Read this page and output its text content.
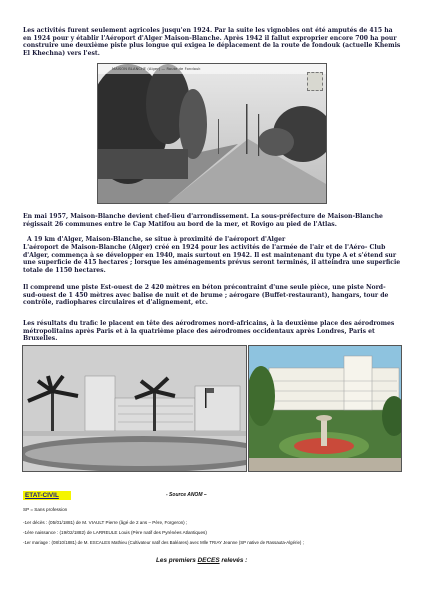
Les activités furent seulement agricoles jusqu'en 1924. Par la suite les vignobles ont été amputés de 415 ha en 1924 pour y établir l'Aéroport d'Alger Maison-Blanche. Après 1942 il fallut exproprier encore 700 ha pour construire une deuxième piste plus longue qui exigea le déplacement de la route de fondouk (actuelle Khemis El Khechna) vers l'est.

MAISON BLANCHE (Alger) — Route de Fondouk

En mai 1957, Maison-Blanche devient chef-lieu d'arrondissement. La sous-préfecture de Maison-Blanche régissait 26 communes entre le Cap Matifou au bord de la mer, et Rovigo au pied de l'Atlas.

A 19 km d'Alger, Maison-Blanche, se situe à proximité de l'aéroport d'Alger

L'aéroport de Maison-Blanche (Alger) créé en 1924 pour les activités de l'armée de l'air et de l'Aéro- Club d'Alger, commença à se développer en 1940, mais surtout en 1942. Il est maintenant du type A et s'étend sur une superficie de 415 hectares ; lorsque les aménagements prévus seront terminés, il atteindra une superficie totale de 1150 hectares.

Il comprend une piste Est-ouest de 2 420 mètres en béton précontraint d'une seule pièce, une piste Nord- sud-ouest de 1 450 mètres avec balise de nuit et de brume ; aérogare (Buffet-restaurant), hangars, tour de contrôle, radiophares circulaires et d'alignement, etc.

Les résultats du trafic le placent en tête des aérodromes nord-africains, à la deuxième place des aérodromes métropolitains après Paris et à la quatrième place des aérodromes occidentaux après Londres, Paris et Bruxelles.

ETAT-CIVIL	- Source ANOM –
SP = Sans profession
-1er décès : (05/01/1881) de M. VIAULT Pierre (âgé de 2 ans – Père, Forgeron) ;
-1ère naissance : (19/02/1882) de LARREULE Louis (Père natif des Pyrénées Atlantiques)
-1er mariage : (08/10/1881) de M. ESCALES Mathieu (Cultivateur natif des Baléares) avec Mlle TRIAY Jeanne (SP native de Rassauta-Algérie) ;
Les premiers DECES relevés :
